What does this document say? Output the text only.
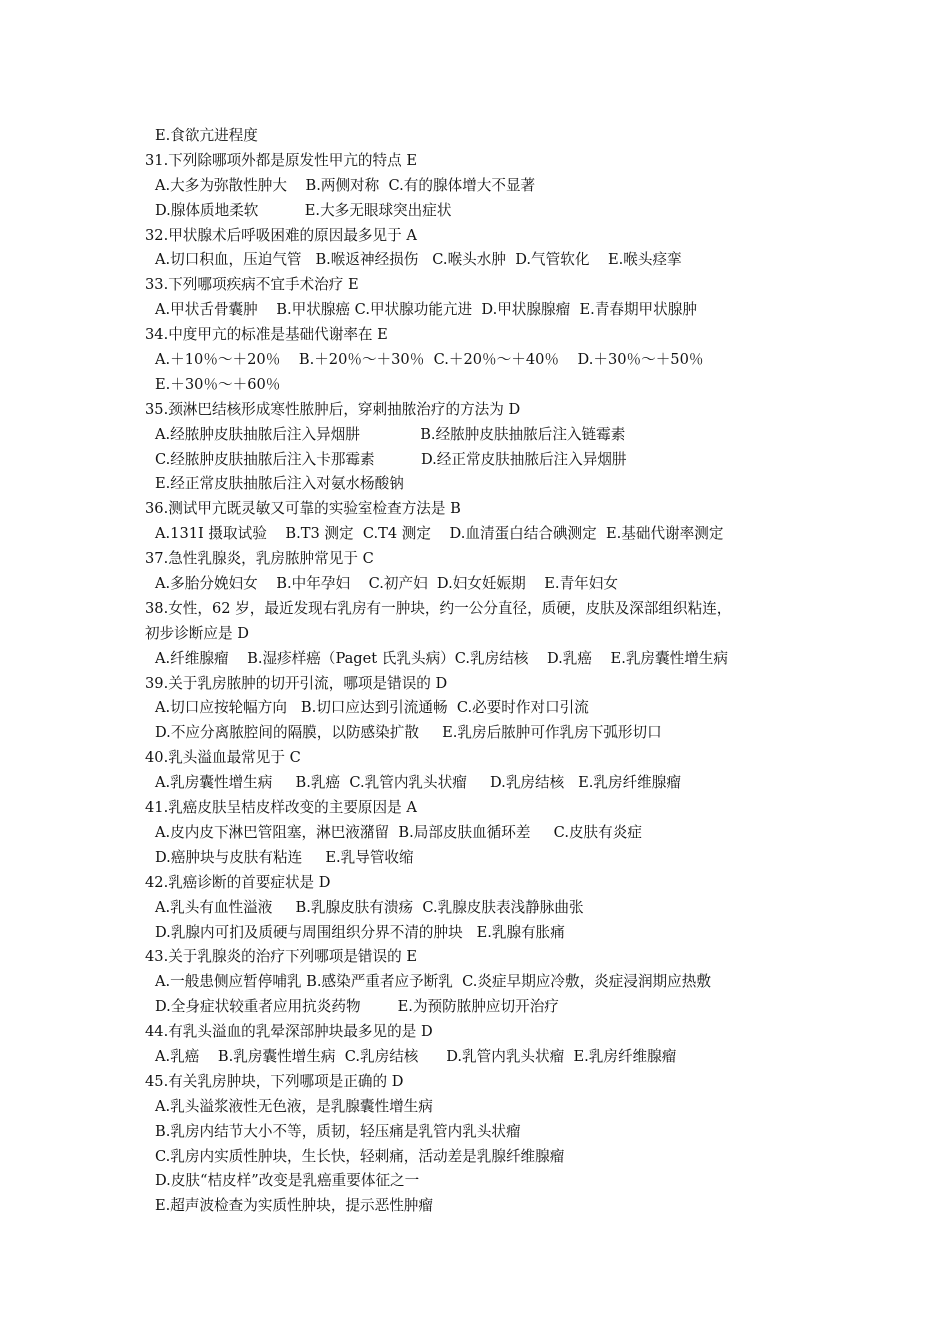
E.食欲亢进程度
31.下列除哪项外都是原发性甲亢的特点 E
A.大多为弥散性肿大    B.两侧对称  C.有的腺体增大不显著
D.腺体质地柔软          E.大多无眼球突出症状
32.甲状腺术后呼吸困难的原因最多见于 A
A.切口积血，压迫气管   B.喉返神经损伤   C.喉头水肿  D.气管软化    E.喉头痉挛
33.下列哪项疾病不宜手术治疗 E
A.甲状舌骨囊肿    B.甲状腺癌 C.甲状腺功能亢进  D.甲状腺腺瘤  E.青春期甲状腺肿
34.中度甲亢的标准是基础代谢率在 E
A.＋10％～＋20％    B.＋20％～＋30％  C.＋20％～＋40％    D.＋30％～＋50％
E.＋30％～＋60％
35.颈淋巴结核形成寒性脓肿后，穿刺抽脓治疗的方法为 D
A.经脓肿皮肤抽脓后注入异烟肼             B.经脓肿皮肤抽脓后注入链霉素
C.经脓肿皮肤抽脓后注入卡那霉素          D.经正常皮肤抽脓后注入异烟肼
E.经正常皮肤抽脓后注入对氨水杨酸钠
36.测试甲亢既灵敏又可靠的实验室检查方法是 B
A.131I 摄取试验    B.T3 测定  C.T4 测定    D.血清蛋白结合碘测定  E.基础代谢率测定
37.急性乳腺炎，乳房脓肿常见于 C
A.多胎分娩妇女    B.中年孕妇    C.初产妇  D.妇女妊娠期    E.青年妇女
38.女性，62 岁，最近发现右乳房有一肿块，约一公分直径，质硬，皮肤及深部组织粘连，
初步诊断应是 D
A.纤维腺瘤    B.湿疹样癌（Paget 氏乳头病）C.乳房结核    D.乳癌    E.乳房囊性增生病
39.关于乳房脓肿的切开引流，哪项是错误的 D
A.切口应按轮幅方向   B.切口应达到引流通畅  C.必要时作对口引流
D.不应分离脓腔间的隔膜，以防感染扩散     E.乳房后脓肿可作乳房下弧形切口
40.乳头溢血最常见于 C
A.乳房囊性增生病     B.乳癌  C.乳管内乳头状瘤     D.乳房结核   E.乳房纤维腺瘤
41.乳癌皮肤呈桔皮样改变的主要原因是 A
A.皮内皮下淋巴管阻塞，淋巴液潴留  B.局部皮肤血循环差     C.皮肤有炎症
D.癌肿块与皮肤有粘连     E.乳导管收缩
42.乳癌诊断的首要症状是 D
A.乳头有血性溢液     B.乳腺皮肤有溃疡  C.乳腺皮肤表浅静脉曲张
D.乳腺内可扪及质硬与周围组织分界不清的肿块   E.乳腺有胀痛
43.关于乳腺炎的治疗下列哪项是错误的 E
A.一般患侧应暂停哺乳 B.感染严重者应予断乳  C.炎症早期应冷敷，炎症浸润期应热敷
D.全身症状较重者应用抗炎药物        E.为预防脓肿应切开治疗
44.有乳头溢血的乳晕深部肿块最多见的是 D
A.乳癌    B.乳房囊性增生病  C.乳房结核      D.乳管内乳头状瘤  E.乳房纤维腺瘤
45.有关乳房肿块，下列哪项是正确的 D
A.乳头溢浆液性无色液，是乳腺囊性增生病
B.乳房内结节大小不等，质韧，轻压痛是乳管内乳头状瘤
C.乳房内实质性肿块，生长快，轻刺痛，活动差是乳腺纤维腺瘤
D.皮肤“桔皮样”改变是乳癌重要体征之一
E.超声波检查为实质性肿块，提示恶性肿瘤
